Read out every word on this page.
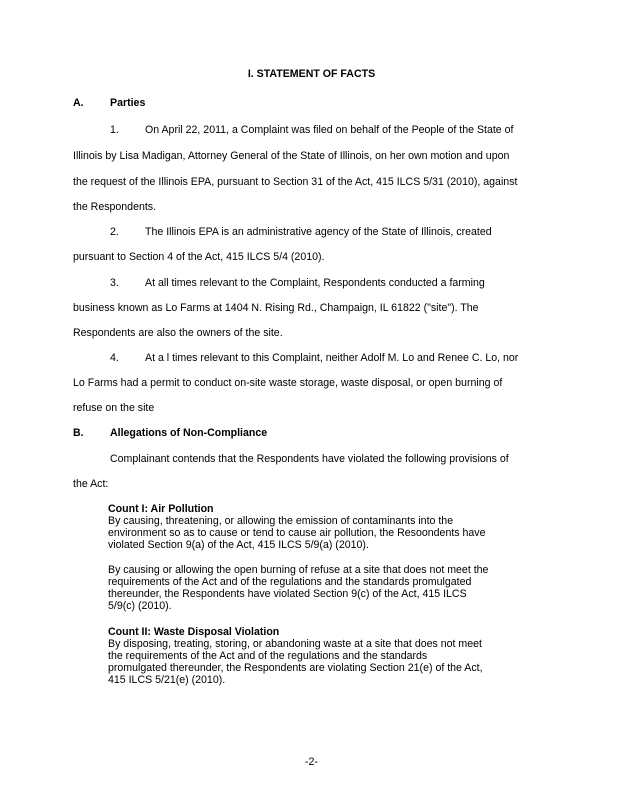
I. STATEMENT OF FACTS
A. Parties
1. On April 22, 2011, a Complaint was filed on behalf of the People of the State of
Illinois by Lisa Madigan, Attorney General of the State of Illinois, on her own motion and upon
the request of the Illinois EPA, pursuant to Section 31 of the Act, 415 ILCS 5/31 (2010), against
the Respondents.
2. The Illinois EPA is an administrative agency of the State of Illinois, created
pursuant to Section 4 of the Act, 415 ILCS 5/4 (2010).
3. At all times relevant to the Complaint, Respondents conducted a farming
business known as Lo Farms at 1404 N. Rising Rd., Champaign, IL 61822 ("site"). The
Respondents are also the owners of the site.
4. At a l times relevant to this Complaint, neither Adolf M. Lo and Renee C. Lo, nor
Lo Farms had a permit to conduct on-site waste storage, waste disposal, or open burning of
refuse on the site
B. Allegations of Non-Compliance
Complainant contends that the Respondents have violated the following provisions of
the Act:
Count I: Air Pollution
By causing, threatening, or allowing the emission of contaminants into the
environment so as to cause or tend to cause air pollution, the Resoondents have
violated Section 9(a) of the Act, 415 ILCS 5/9(a) (2010).
By causing or allowing the open burning of refuse at a site that does not meet the
requirements of the Act and of the regulations and the standards promulgated
thereunder, the Respondents have violated Section 9(c) of the Act, 415 ILCS
5/9(c) (2010).
Count II: Waste Disposal Violation
By disposing, treating, storing, or abandoning waste at a site that does not meet
the requirements of the Act and of the regulations and the standards
promulgated thereunder, the Respondents are violating Section 21(e) of the Act,
415 ILCS 5/21(e) (2010).
-2-
